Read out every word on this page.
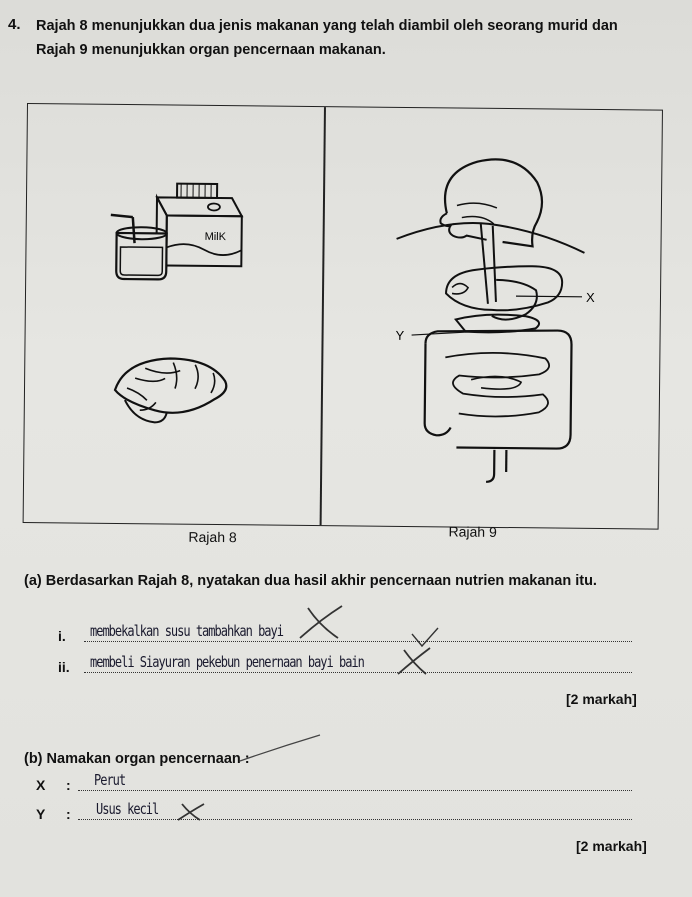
4. Rajah 8 menunjukkan dua jenis makanan yang telah diambil oleh seorang murid dan
Rajah 9 menunjukkan organ pencernaan makanan.
MilK
X
Y
Rajah 8	Rajah 9
(a) Berdasarkan Rajah 8, nyatakan dua hasil akhir pencernaan nutrien makanan itu.
i. membekalkan susu tambahkan bayi
ii. membeli Siayuran pekebun penernaan bayi bain
[2 markah]
(b) Namakan organ pencernaan :
X : Perut
Y : Usus kecil
[2 markah]
